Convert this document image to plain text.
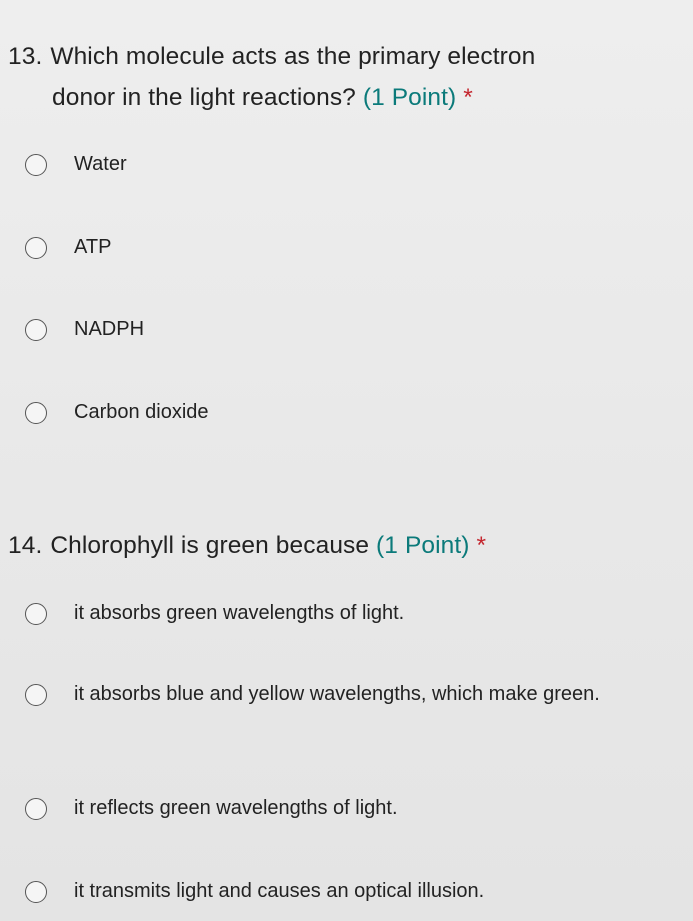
13. Which molecule acts as the primary electron
donor in the light reactions? (1 Point) *

Water
ATP
NADPH
Carbon dioxide

14. Chlorophyll is green because (1 Point) *

it absorbs green wavelengths of light.
it absorbs blue and yellow wavelengths, which make green.
it reflects green wavelengths of light.
it transmits light and causes an optical illusion.
